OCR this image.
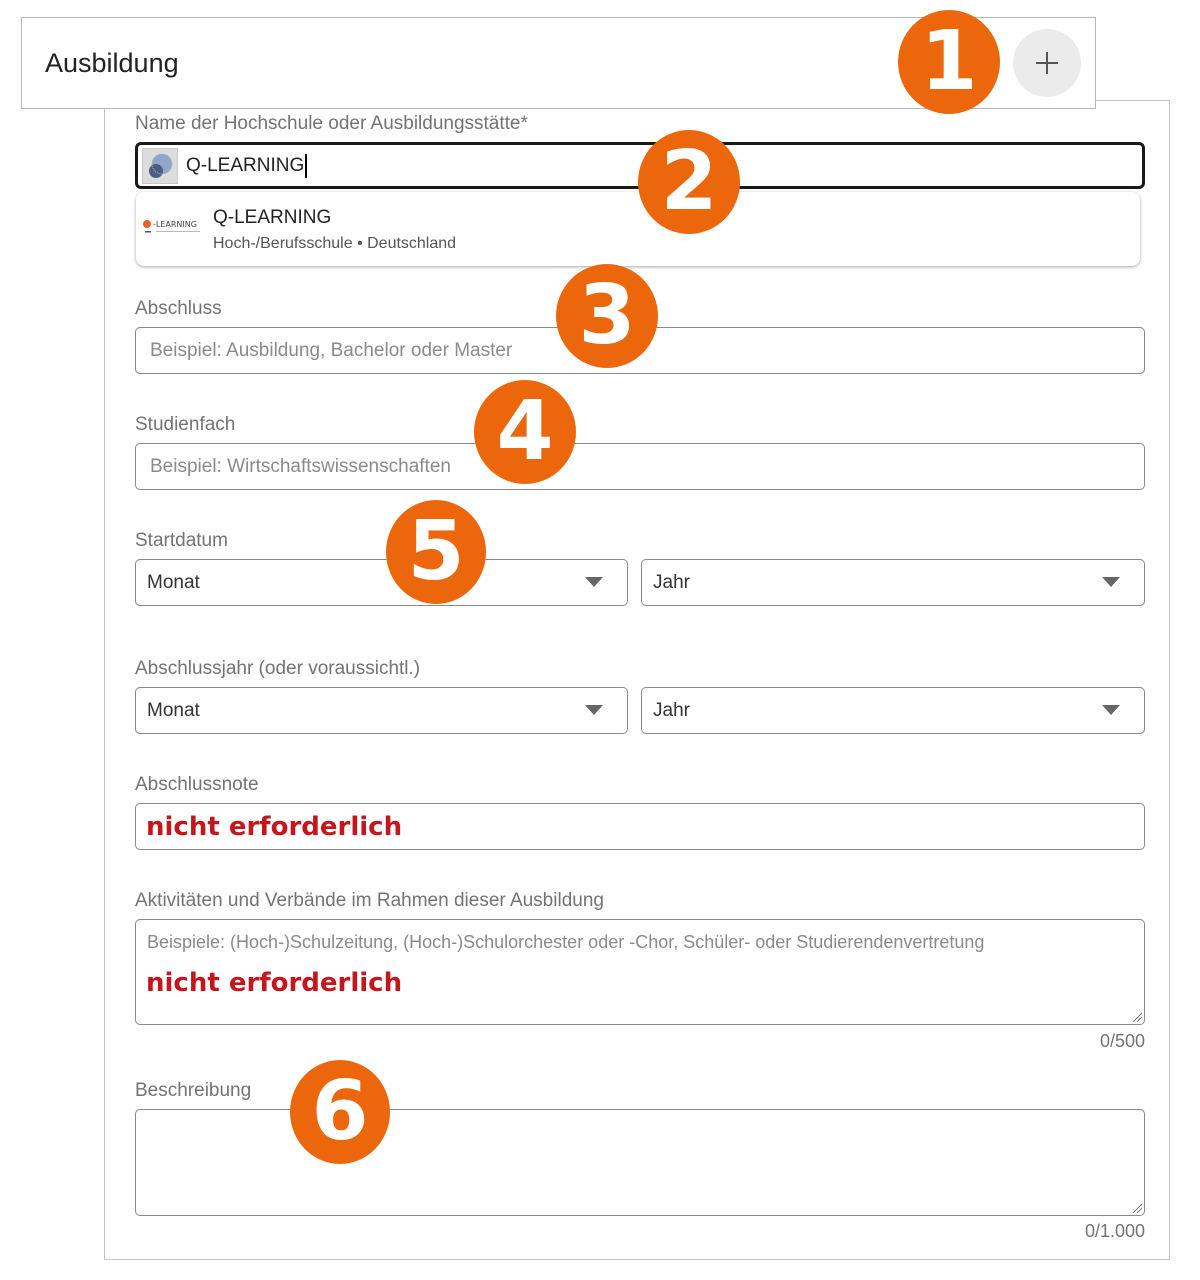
Ausbildung
Name der Hochschule oder Ausbildungsstätte*
Q-LEARNING
-LEARNING Q-LEARNING
Hoch-/Berufsschule • Deutschland
Abschluss
Beispiel: Ausbildung, Bachelor oder Master
Studienfach
Beispiel: Wirtschaftswissenschaften
Startdatum
Monat	Jahr
Abschlussjahr (oder voraussichtl.)
Monat	Jahr
Abschlussnote
nicht erforderlich
Aktivitäten und Verbände im Rahmen dieser Ausbildung
Beispiele: (Hoch-)Schulzeitung, (Hoch-)Schulorchester oder -Chor, Schüler- oder Studierendenvertretung
nicht erforderlich
0/500
Beschreibung
0/1.000
1
2
3
4
5
6
